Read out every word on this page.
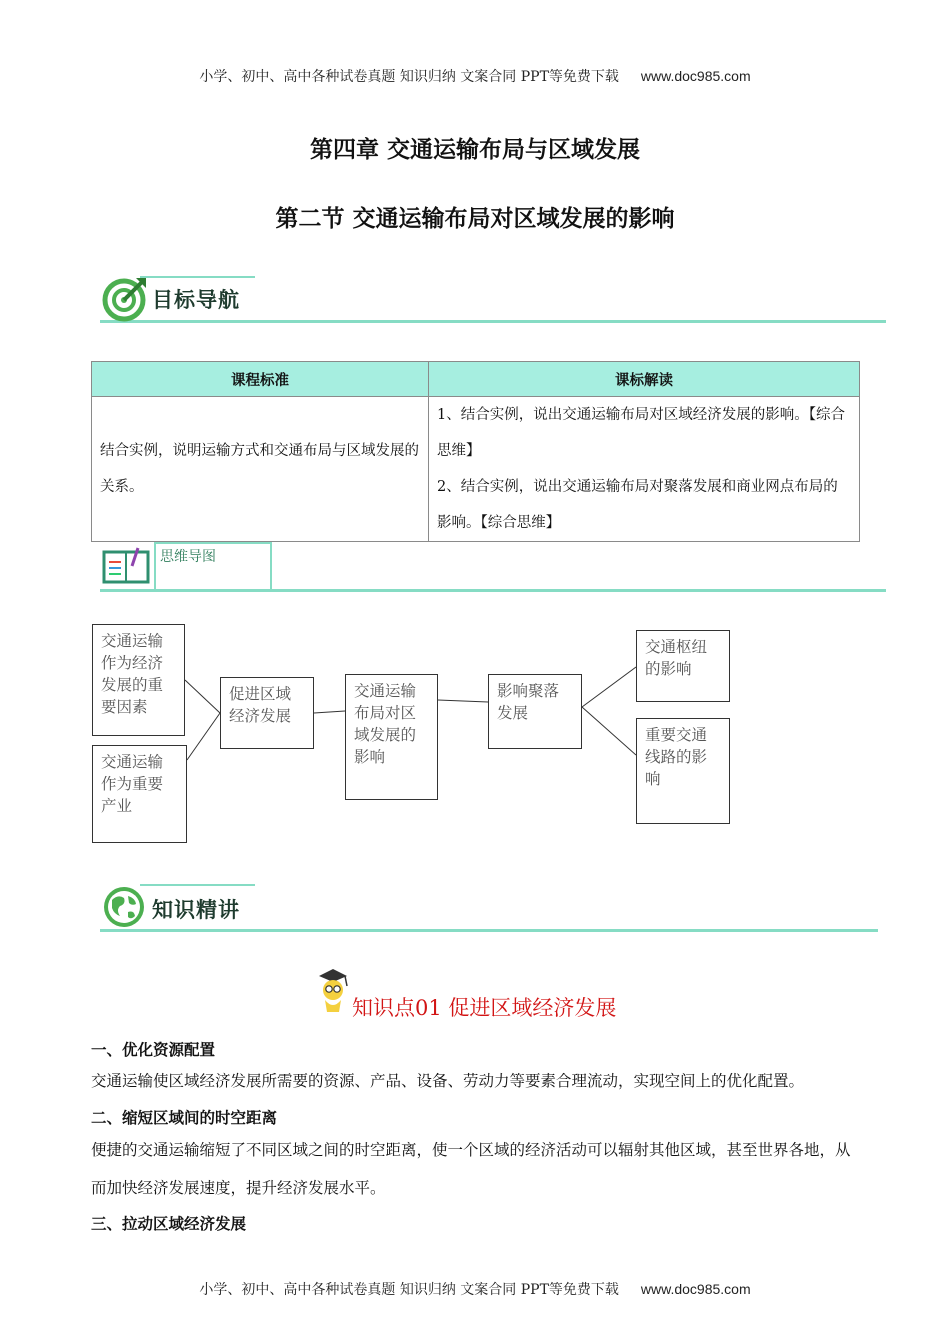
小学、初中、高中各种试卷真题 知识归纳 文案合同 PPT等免费下载 www.doc985.com
第四章 交通运输布局与区域发展
第二节 交通运输布局对区域发展的影响
目标导航
课程标准	课标解读
结合实例，说明运输方式和交通布局与区域发展的关系。	1、结合实例，说出交通运输布局对区域经济发展的影响。【综合思维】
2、结合实例，说出交通运输布局对聚落发展和商业网点布局的影响。【综合思维】
思维导图
交通运输作为经济发展的重要因素
交通运输作为重要产业
促进区域经济发展
交通运输布局对区域发展的影响
影响聚落发展
交通枢纽的影响
重要交通线路的影响
知识精讲
知识点01 促进区域经济发展
一、优化资源配置
交通运输使区域经济发展所需要的资源、产品、设备、劳动力等要素合理流动，实现空间上的优化配置。
二、缩短区域间的时空距离
便捷的交通运输缩短了不同区域之间的时空距离，使一个区域的经济活动可以辐射其他区域，甚至世界各地，从而加快经济发展速度，提升经济发展水平。
三、拉动区域经济发展
小学、初中、高中各种试卷真题 知识归纳 文案合同 PPT等免费下载 www.doc985.com
